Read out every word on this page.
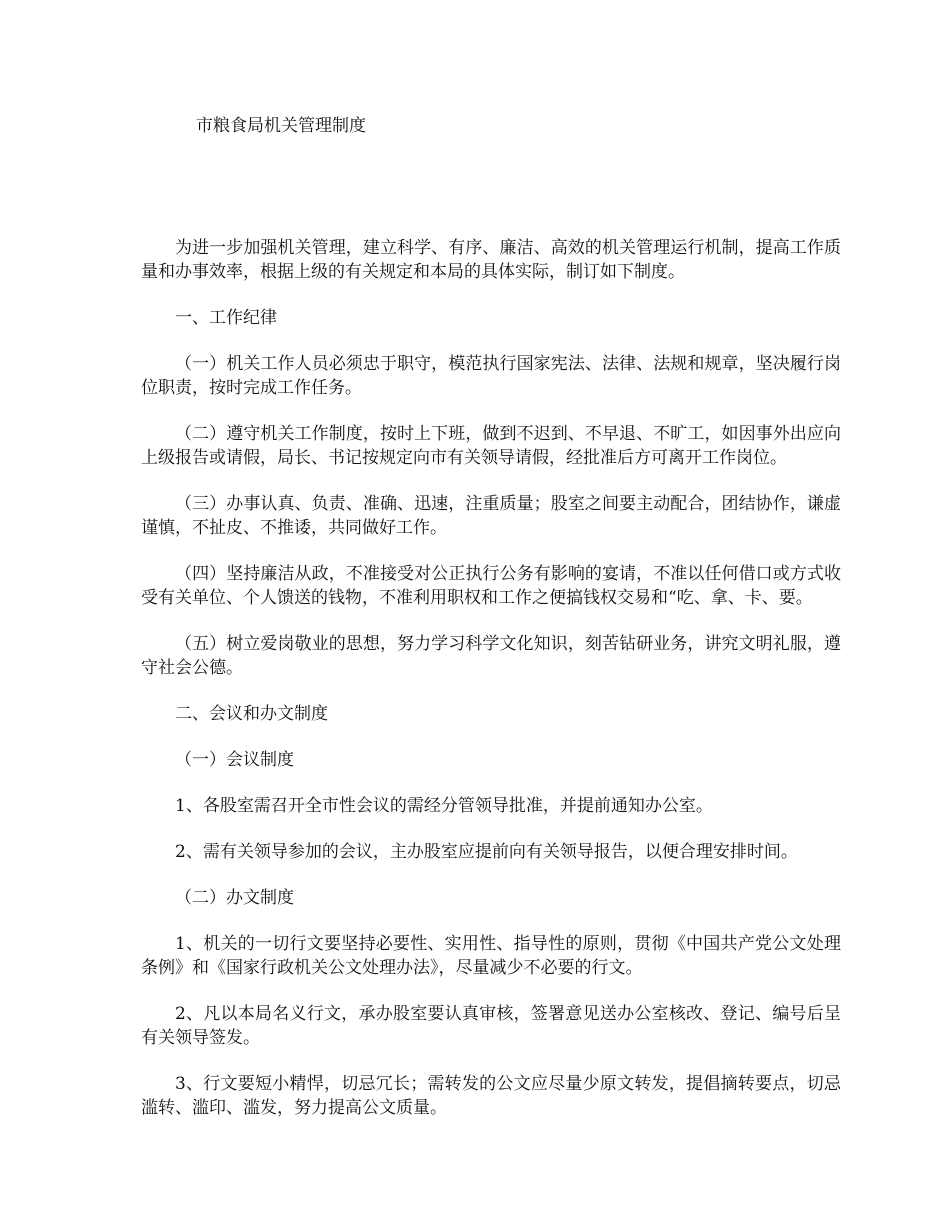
市粮食局机关管理制度

为进一步加强机关管理，建立科学、有序、廉洁、高效的机关管理运行机制，提高工作质量和办事效率，根据上级的有关规定和本局的具体实际，制订如下制度。

一、工作纪律

（一）机关工作人员必须忠于职守，模范执行国家宪法、法律、法规和规章，坚决履行岗位职责，按时完成工作任务。

（二）遵守机关工作制度，按时上下班，做到不迟到、不早退、不旷工，如因事外出应向上级报告或请假，局长、书记按规定向市有关领导请假，经批准后方可离开工作岗位。

（三）办事认真、负责、准确、迅速，注重质量；股室之间要主动配合，团结协作，谦虚谨慎，不扯皮、不推诿，共同做好工作。

（四）坚持廉洁从政，不准接受对公正执行公务有影响的宴请，不准以任何借口或方式收受有关单位、个人馈送的钱物，不准利用职权和工作之便搞钱权交易和“吃、拿、卡、要。

（五）树立爱岗敬业的思想，努力学习科学文化知识，刻苦钻研业务，讲究文明礼服，遵守社会公德。

二、会议和办文制度

（一）会议制度

1、各股室需召开全市性会议的需经分管领导批准，并提前通知办公室。

2、需有关领导参加的会议，主办股室应提前向有关领导报告，以便合理安排时间。

（二）办文制度

1、机关的一切行文要坚持必要性、实用性、指导性的原则，贯彻《中国共产党公文处理条例》和《国家行政机关公文处理办法》，尽量减少不必要的行文。

2、凡以本局名义行文，承办股室要认真审核，签署意见送办公室核改、登记、编号后呈有关领导签发。

3、行文要短小精悍，切忌冗长；需转发的公文应尽量少原文转发，提倡摘转要点，切忌滥转、滥印、滥发，努力提高公文质量。
